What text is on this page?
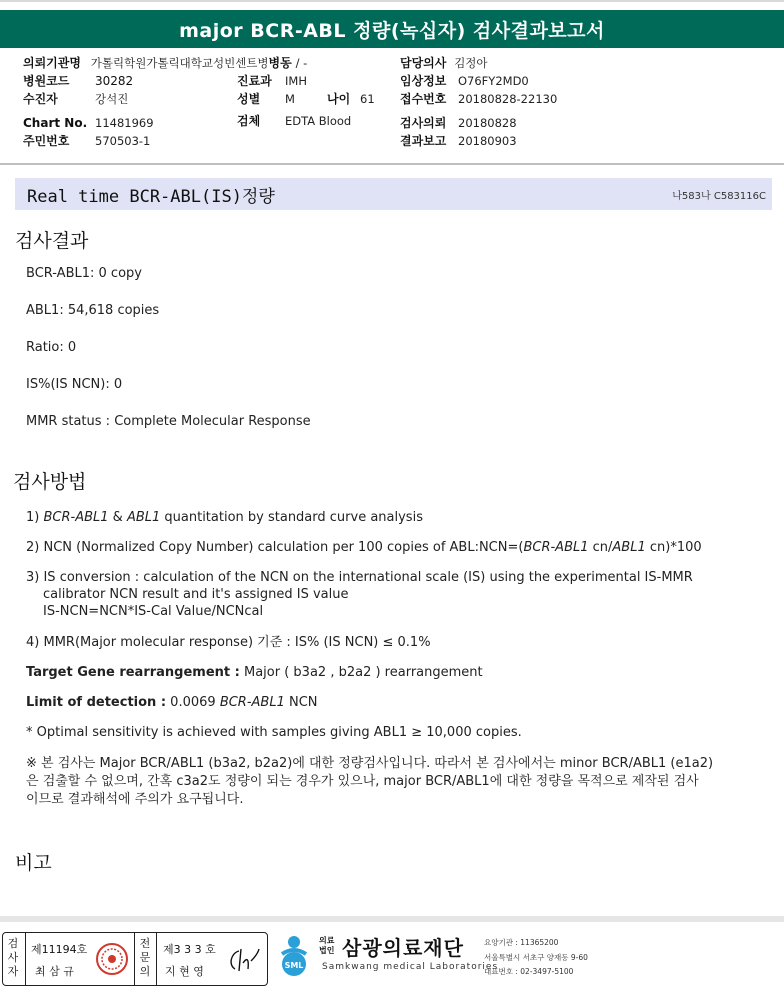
major BCR-ABL 정량(녹십자) 검사결과보고서
의뢰기관명 가톨릭학원가톨릭대학교성빈센트병병동 / -	담당의사 김정아
병원코드 30282	진료과 IMH	임상정보 O76FY2MD0
수진자	강석진	성별 M	나이 61 접수번호 20180828-22130
Chart No. 11481969	검체 EDTA Blood	검사의뢰 20180828
주민번호 570503-1	결과보고 20180903
Real time BCR-ABL(IS)정량	나583나 C583116C
검사결과
BCR-ABL1: 0 copy
ABL1: 54,618 copies
Ratio: 0
IS%(IS NCN): 0
MMR status : Complete Molecular Response
검사방법
1) BCR-ABL1 & ABL1 quantitation by standard curve analysis
2) NCN (Normalized Copy Number) calculation per 100 copies of ABL:NCN=(BCR-ABL1 cn/ABL1 cn)*100
3) IS conversion : calculation of the NCN on the international scale (IS) using the experimental IS-MMR
calibrator NCN result and it's assigned IS value
IS-NCN=NCN*IS-Cal Value/NCNcal
4) MMR(Major molecular response) 기준 : IS% (IS NCN) ≤ 0.1%
Target Gene rearrangement : Major ( b3a2 , b2a2 ) rearrangement
Limit of detection : 0.0069 BCR-ABL1 NCN
* Optimal sensitivity is achieved with samples giving ABL1 ≥ 10,000 copies.
※ 본 검사는 Major BCR/ABL1 (b3a2, b2a2)에 대한 정량검사입니다. 따라서 본 검사에서는 minor BCR/ABL1 (e1a2)
은 검출할 수 없으며, 간혹 c3a2도 정량이 되는 경우가 있으나, major BCR/ABL1에 대한 정량을 목적으로 제작된 검사
이므로 결과해석에 주의가 요구됩니다.
비고
검사자
제11194호
최 삼 규
전문의
제3 3 3 호
지 현 영	SML
의료
법인 삼광의료재단
Samkwang medical Laboratories
요양기관 : 11365200
서울특별시 서초구 양재동 9-60
대표번호 : 02-3497-5100
